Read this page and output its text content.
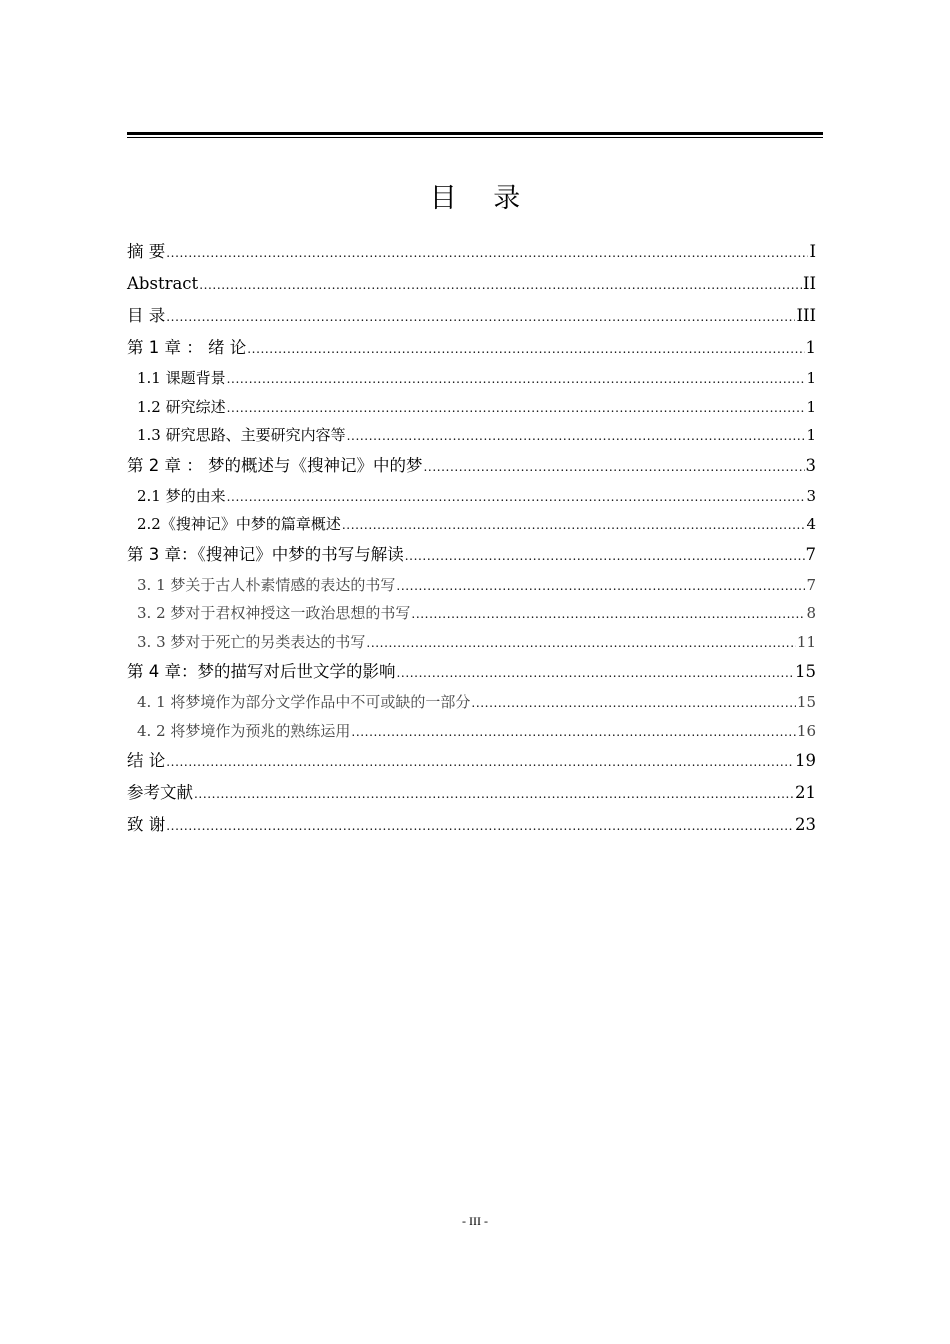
目 录
摘 要 .....	I
Abstract .....	II
目 录 .....	III
第 1 章 ： 绪 论 .....	1
1.1 课题背景 .....	1
1.2 研究综述 .....	1
1.3 研究思路、主要研究内容等 .....	1
第 2 章 ： 梦的概述与《搜神记》中的梦 .....	3
2.1 梦的由来 .....	3
2.2《搜神记》中梦的篇章概述 .....	4
第 3 章：《搜神记》中梦的书写与解读 .....	7
3. 1 梦关于古人朴素情感的表达的书写 .....	7
3. 2 梦对于君权神授这一政治思想的书写 .....	8
3. 3 梦对于死亡的另类表达的书写 .....	11
第 4 章：梦的描写对后世文学的影响 .....	15
4. 1 将梦境作为部分文学作品中不可或缺的一部分 .....	15
4. 2 将梦境作为预兆的熟练运用 .....	16
结 论 .....	19
参考文献 .....	21
致 谢 .....	23
- III -
